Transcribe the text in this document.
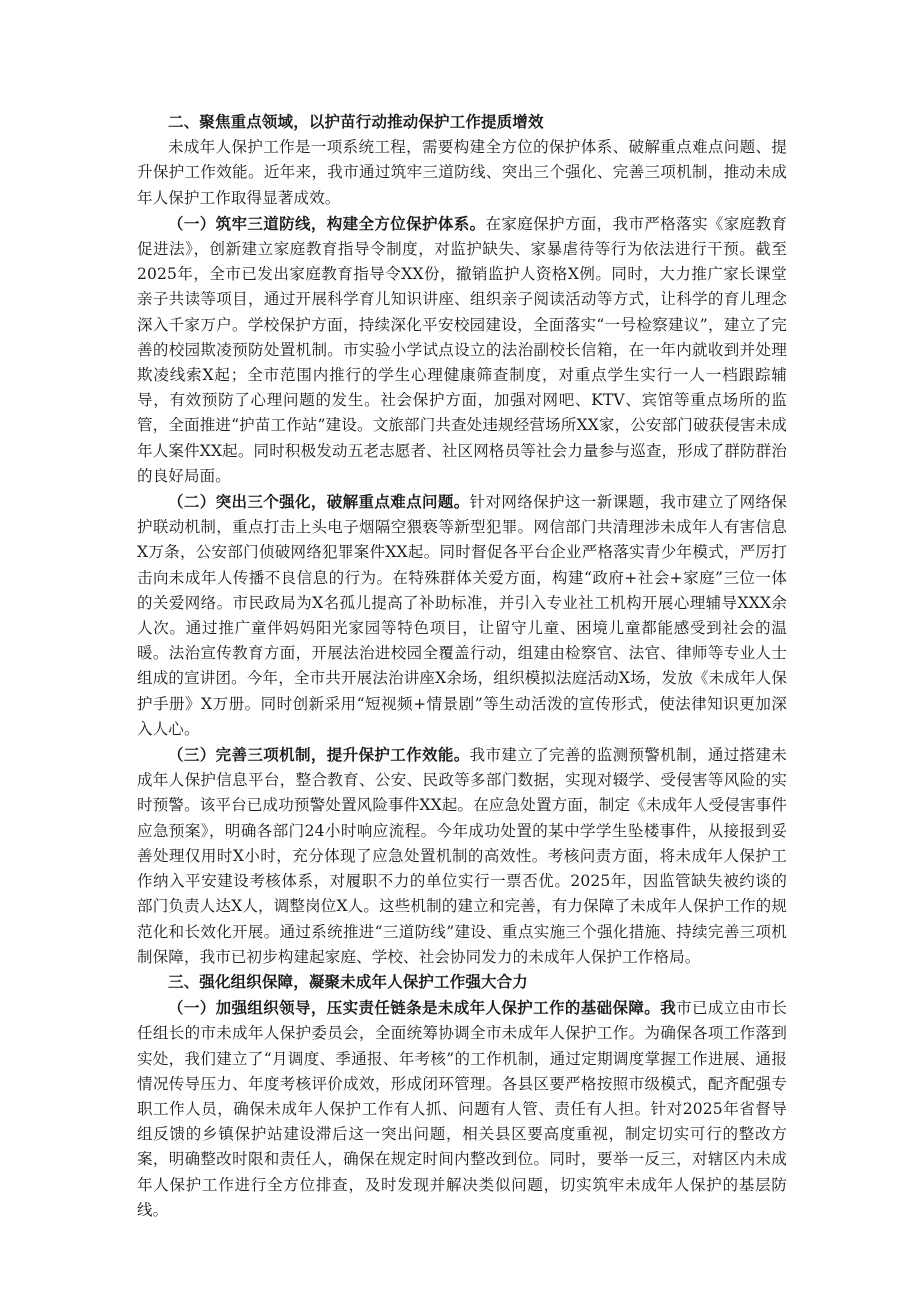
二、聚焦重点领域，以护苗行动推动保护工作提质增效

未成年人保护工作是一项系统工程，需要构建全方位的保护体系、破解重点难点问题、提升保护工作效能。近年来，我市通过筑牢三道防线、突出三个强化、完善三项机制，推动未成年人保护工作取得显著成效。

（一）筑牢三道防线，构建全方位保护体系。在家庭保护方面，我市严格落实《家庭教育促进法》，创新建立家庭教育指导令制度，对监护缺失、家暴虐待等行为依法进行干预。截至2025年，全市已发出家庭教育指导令XX份，撤销监护人资格X例。同时，大力推广家长课堂亲子共读等项目，通过开展科学育儿知识讲座、组织亲子阅读活动等方式，让科学的育儿理念深入千家万户。学校保护方面，持续深化平安校园建设，全面落实“一号检察建议”，建立了完善的校园欺凌预防处置机制。市实验小学试点设立的法治副校长信箱，在一年内就收到并处理欺凌线索X起；全市范围内推行的学生心理健康筛查制度，对重点学生实行一人一档跟踪辅导，有效预防了心理问题的发生。社会保护方面，加强对网吧、KTV、宾馆等重点场所的监管，全面推进“护苗工作站”建设。文旅部门共查处违规经营场所XX家，公安部门破获侵害未成年人案件XX起。同时积极发动五老志愿者、社区网格员等社会力量参与巡查，形成了群防群治的良好局面。

（二）突出三个强化，破解重点难点问题。针对网络保护这一新课题，我市建立了网络保护联动机制，重点打击上头电子烟隔空猥亵等新型犯罪。网信部门共清理涉未成年人有害信息X万条，公安部门侦破网络犯罪案件XX起。同时督促各平台企业严格落实青少年模式，严厉打击向未成年人传播不良信息的行为。在特殊群体关爱方面，构建“政府+社会+家庭”三位一体的关爱网络。市民政局为X名孤儿提高了补助标准，并引入专业社工机构开展心理辅导XXX余人次。通过推广童伴妈妈阳光家园等特色项目，让留守儿童、困境儿童都能感受到社会的温暖。法治宣传教育方面，开展法治进校园全覆盖行动，组建由检察官、法官、律师等专业人士组成的宣讲团。今年，全市共开展法治讲座X余场，组织模拟法庭活动X场，发放《未成年人保护手册》X万册。同时创新采用“短视频+情景剧”等生动活泼的宣传形式，使法律知识更加深入人心。

（三）完善三项机制，提升保护工作效能。我市建立了完善的监测预警机制，通过搭建未成年人保护信息平台，整合教育、公安、民政等多部门数据，实现对辍学、受侵害等风险的实时预警。该平台已成功预警处置风险事件XX起。在应急处置方面，制定《未成年人受侵害事件应急预案》，明确各部门24小时响应流程。今年成功处置的某中学学生坠楼事件，从接报到妥善处理仅用时X小时，充分体现了应急处置机制的高效性。考核问责方面，将未成年人保护工作纳入平安建设考核体系，对履职不力的单位实行一票否优。2025年，因监管缺失被约谈的部门负责人达X人，调整岗位X人。这些机制的建立和完善，有力保障了未成年人保护工作的规范化和长效化开展。通过系统推进“三道防线”建设、重点实施三个强化措施、持续完善三项机制保障，我市已初步构建起家庭、学校、社会协同发力的未成年人保护工作格局。

三、强化组织保障，凝聚未成年人保护工作强大合力

（一）加强组织领导，压实责任链条是未成年人保护工作的基础保障。我市已成立由市长任组长的市未成年人保护委员会，全面统筹协调全市未成年人保护工作。为确保各项工作落到实处，我们建立了“月调度、季通报、年考核”的工作机制，通过定期调度掌握工作进展、通报情况传导压力、年度考核评价成效，形成闭环管理。各县区要严格按照市级模式，配齐配强专职工作人员，确保未成年人保护工作有人抓、问题有人管、责任有人担。针对2025年省督导组反馈的乡镇保护站建设滞后这一突出问题，相关县区要高度重视，制定切实可行的整改方案，明确整改时限和责任人，确保在规定时间内整改到位。同时，要举一反三，对辖区内未成年人保护工作进行全方位排查，及时发现并解决类似问题，切实筑牢未成年人保护的基层防线。
